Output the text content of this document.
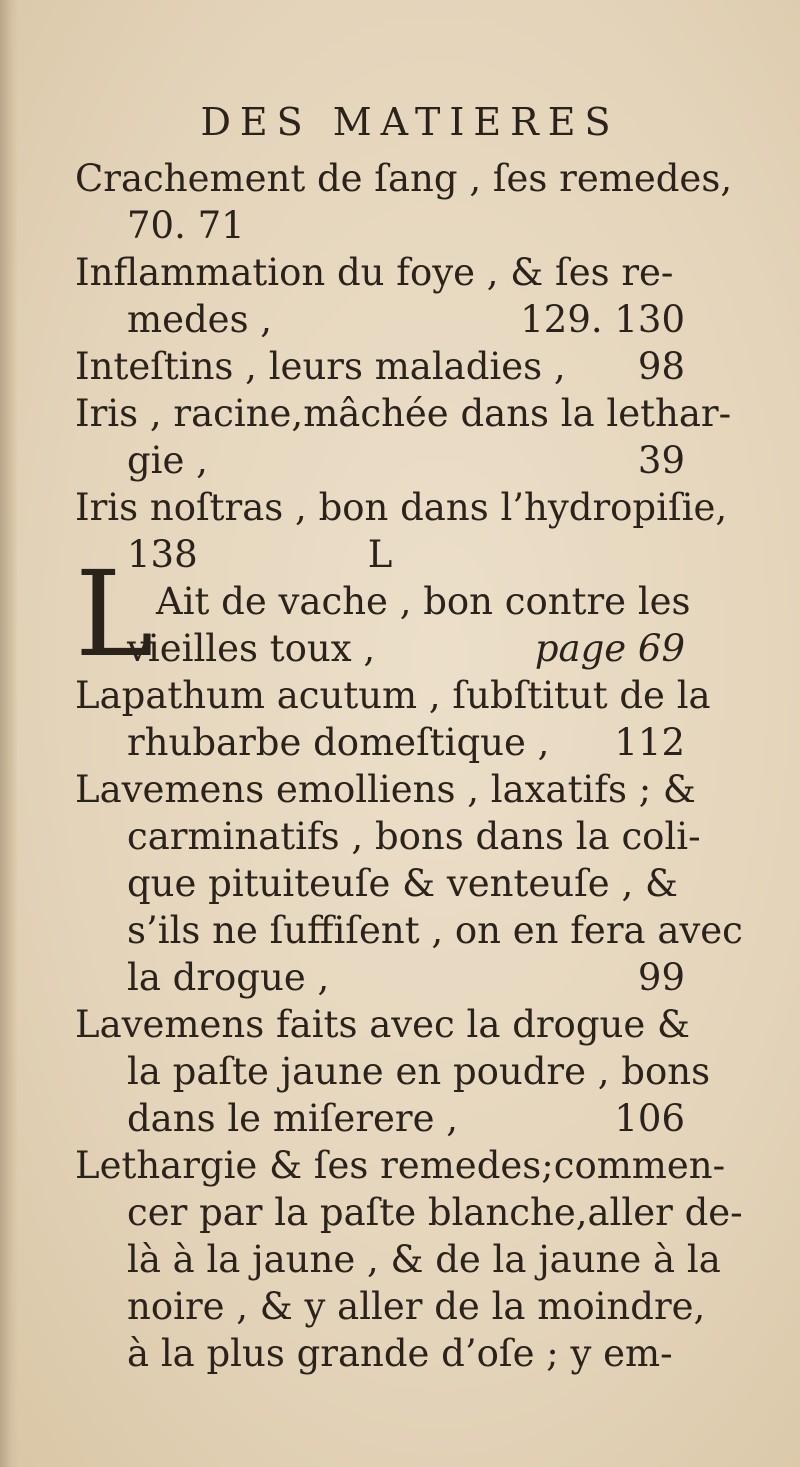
DES MATIERES
L
Crachement de ſang , ſes remedes,
70. 71
Inflammation du foye , & ſes re-
medes ,	129. 130
Inteſtins , leurs maladies , 98
Iris , racine,mâchée dans la lethar-
gie ,	39
Iris noſtras , bon dans l’hydropiſie,
138	L
Ait de vache , bon contre les
vieilles toux ,	page 69
Lapathum acutum , ſubſtitut de la
rhubarbe domeſtique , 112
Lavemens emolliens , laxatifs ; &
carminatifs , bons dans la coli-
que pituiteuſe & venteuſe , &
s’ils ne ſuffiſent , on en fera avec
la drogue ,	99
Lavemens faits avec la drogue &
la paſte jaune en poudre , bons
dans le miſerere ,	106
Lethargie & ſes remedes;commen-
cer par la paſte blanche,aller de-
là à la jaune , & de la jaune à la
noire , & y aller de la moindre,
à la plus grande d’oſe ; y em-
